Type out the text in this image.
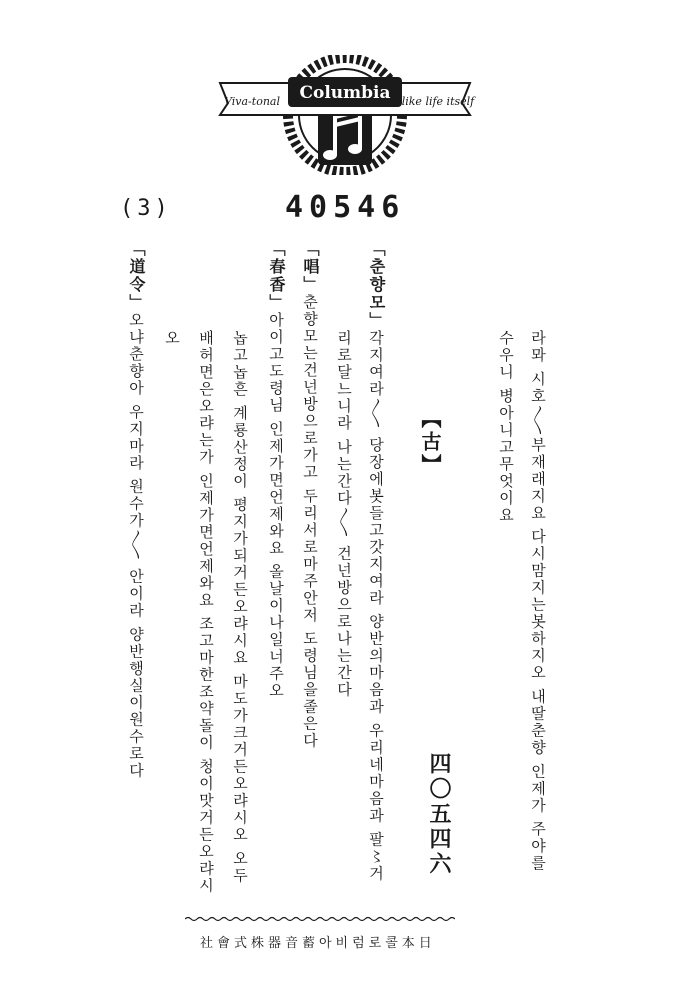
Viva-tonal Columbia like life itself
(3)	40546
라뫄 시호〱부재래지요 다시맘지는봇하지오 내딸춘향 인제가 주야를
수우니 병아니고무엇이요
【古】
四〇五四六
리로달느니라 나는간다〱 건넌방으로나는간다
「춘향모」각지여라〱 당장에봇들고갓지여라 양반의마음과 우리네마음과 팔〻거
「唱」춘향모는건넌방으로가고 두리서로마주안저 도령님을졸은다
「春香」아이고도령님 인제가면언제와요 올날이나일너주오
놉고놉흔 계룡산정이 평지가되거든오랴시요 마도가크거든오랴시오 오두
배허면은오랴는가 인제가면언제와요 조고마한조약돌이 청이맛거든오랴시
오
「道令」오냐춘향아 우지마라 원수가〱 안이라 양반행실이원수로다
社會式株器音蓄아비럼로콜本日
